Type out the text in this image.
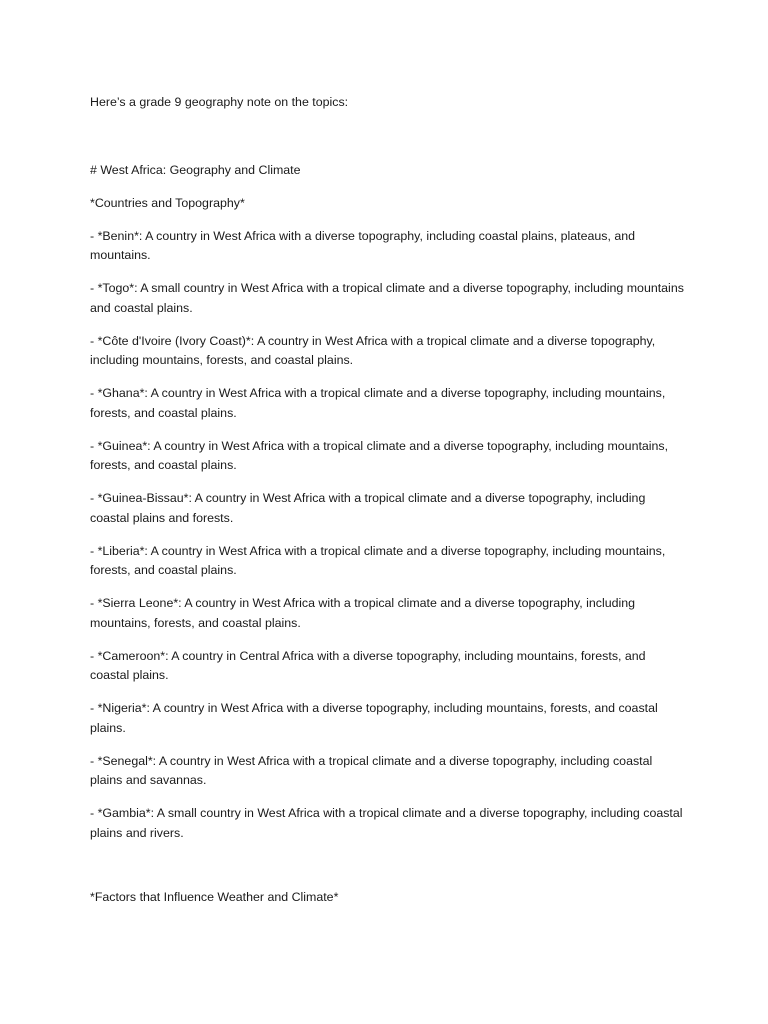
Here’s a grade 9 geography note on the topics:

# West Africa: Geography and Climate

*Countries and Topography*

- *Benin*: A country in West Africa with a diverse topography, including coastal plains, plateaus, and mountains.

- *Togo*: A small country in West Africa with a tropical climate and a diverse topography, including mountains and coastal plains.

- *Côte d'Ivoire (Ivory Coast)*: A country in West Africa with a tropical climate and a diverse topography, including mountains, forests, and coastal plains.

- *Ghana*: A country in West Africa with a tropical climate and a diverse topography, including mountains, forests, and coastal plains.

- *Guinea*: A country in West Africa with a tropical climate and a diverse topography, including mountains, forests, and coastal plains.

- *Guinea-Bissau*: A country in West Africa with a tropical climate and a diverse topography, including coastal plains and forests.

- *Liberia*: A country in West Africa with a tropical climate and a diverse topography, including mountains, forests, and coastal plains.

- *Sierra Leone*: A country in West Africa with a tropical climate and a diverse topography, including mountains, forests, and coastal plains.

- *Cameroon*: A country in Central Africa with a diverse topography, including mountains, forests, and coastal plains.

- *Nigeria*: A country in West Africa with a diverse topography, including mountains, forests, and coastal plains.

- *Senegal*: A country in West Africa with a tropical climate and a diverse topography, including coastal plains and savannas.

- *Gambia*: A small country in West Africa with a tropical climate and a diverse topography, including coastal plains and rivers.

*Factors that Influence Weather and Climate*
